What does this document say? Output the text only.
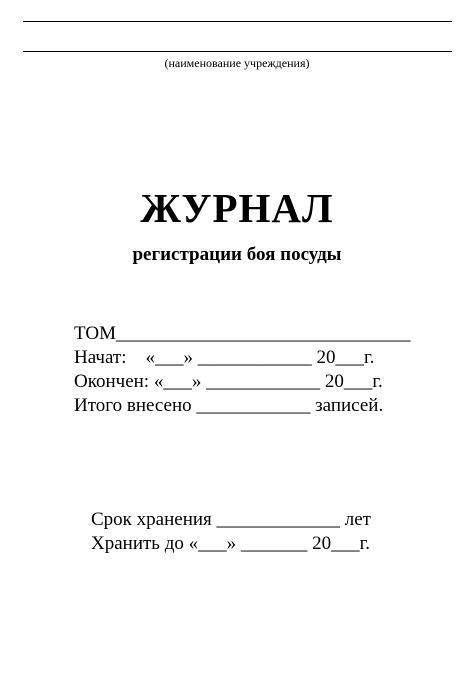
(наименование учреждения)
ЖУРНАЛ
регистрации боя посуды
ТОМ_______________________________
Начат:    «___» ____________ 20___г.
Окончен: «___» ____________ 20___г.
Итого внесено ____________ записей.
Срок хранения _____________ лет
Хранить до «___» _______ 20___г.
